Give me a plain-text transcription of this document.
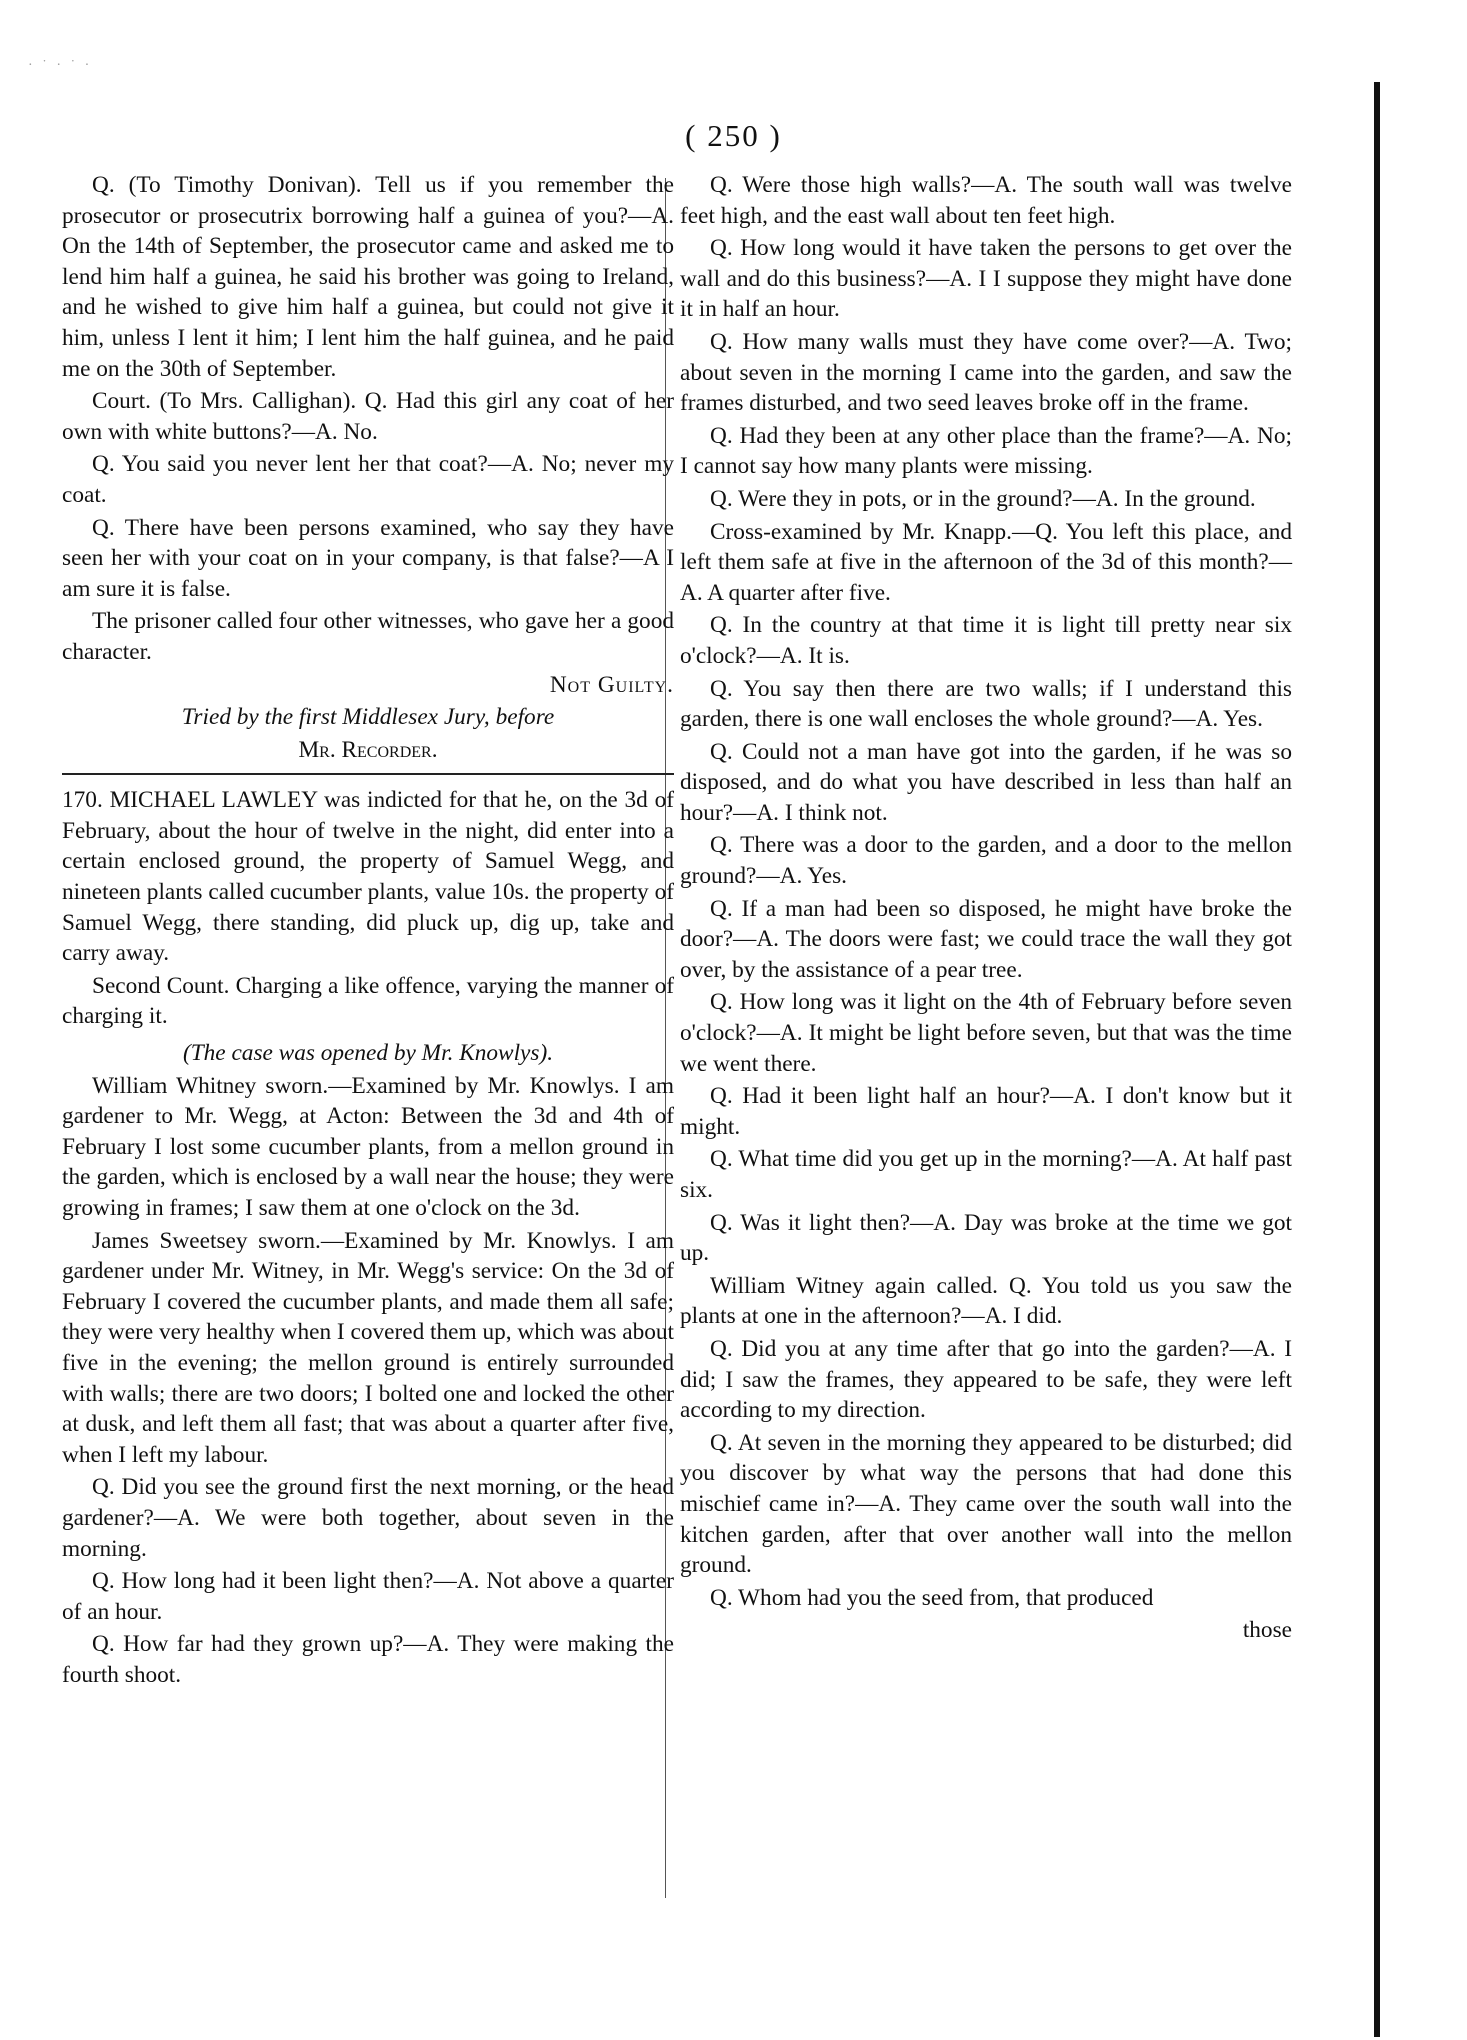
· ˙ · ˙ ·
( 250 )

Q. (To Timothy Donivan). Tell us if you remember the prosecutor or prosecutrix borrowing half a guinea of you?—A. On the 14th of September, the prosecutor came and asked me to lend him half a guinea, he said his brother was going to Ireland, and he wished to give him half a guinea, but could not give it him, unless I lent it him; I lent him the half guinea, and he paid me on the 30th of September.

Court. (To Mrs. Callighan). Q. Had this girl any coat of her own with white buttons?—A. No.

Q. You said you never lent her that coat?—A. No; never my coat.

Q. There have been persons examined, who say they have seen her with your coat on in your company, is that false?—A I am sure it is false.

The prisoner called four other witnesses, who gave her a good character.

Not Guilty.

Tried by the first Middlesex Jury, before

Mr. Recorder.

170. MICHAEL LAWLEY was indicted for that he, on the 3d of February, about the hour of twelve in the night, did enter into a certain enclosed ground, the property of Samuel Wegg, and nineteen plants called cucumber plants, value 10s. the property of Samuel Wegg, there standing, did pluck up, dig up, take and carry away.

Second Count. Charging a like offence, varying the manner of charging it.

(The case was opened by Mr. Knowlys).

William Whitney sworn.—Examined by Mr. Knowlys. I am gardener to Mr. Wegg, at Acton: Between the 3d and 4th of February I lost some cucumber plants, from a mellon ground in the garden, which is enclosed by a wall near the house; they were growing in frames; I saw them at one o'clock on the 3d.

James Sweetsey sworn.—Examined by Mr. Knowlys. I am gardener under Mr. Witney, in Mr. Wegg's service: On the 3d of February I covered the cucumber plants, and made them all safe; they were very healthy when I covered them up, which was about five in the evening; the mellon ground is entirely surrounded with walls; there are two doors; I bolted one and locked the other at dusk, and left them all fast; that was about a quarter after five, when I left my labour.

Q. Did you see the ground first the next morning, or the head gardener?—A. We were both together, about seven in the morning.

Q. How long had it been light then?—A. Not above a quarter of an hour.

Q. How far had they grown up?—A. They were making the fourth shoot.

Q. Were those high walls?—A. The south wall was twelve feet high, and the east wall about ten feet high.

Q. How long would it have taken the persons to get over the wall and do this business?—A. I I suppose they might have done it in half an hour.

Q. How many walls must they have come over?—A. Two; about seven in the morning I came into the garden, and saw the frames disturbed, and two seed leaves broke off in the frame.

Q. Had they been at any other place than the frame?—A. No; I cannot say how many plants were missing.

Q. Were they in pots, or in the ground?—A. In the ground.

Cross-examined by Mr. Knapp.—Q. You left this place, and left them safe at five in the afternoon of the 3d of this month?—A. A quarter after five.

Q. In the country at that time it is light till pretty near six o'clock?—A. It is.

Q. You say then there are two walls; if I understand this garden, there is one wall encloses the whole ground?—A. Yes.

Q. Could not a man have got into the garden, if he was so disposed, and do what you have described in less than half an hour?—A. I think not.

Q. There was a door to the garden, and a door to the mellon ground?—A. Yes.

Q. If a man had been so disposed, he might have broke the door?—A. The doors were fast; we could trace the wall they got over, by the assistance of a pear tree.

Q. How long was it light on the 4th of February before seven o'clock?—A. It might be light before seven, but that was the time we went there.

Q. Had it been light half an hour?—A. I don't know but it might.

Q. What time did you get up in the morning?—A. At half past six.

Q. Was it light then?—A. Day was broke at the time we got up.

William Witney again called. Q. You told us you saw the plants at one in the afternoon?—A. I did.

Q. Did you at any time after that go into the garden?—A. I did; I saw the frames, they appeared to be safe, they were left according to my direction.

Q. At seven in the morning they appeared to be disturbed; did you discover by what way the persons that had done this mischief came in?—A. They came over the south wall into the kitchen garden, after that over another wall into the mellon ground.

Q. Whom had you the seed from, that produced

those
